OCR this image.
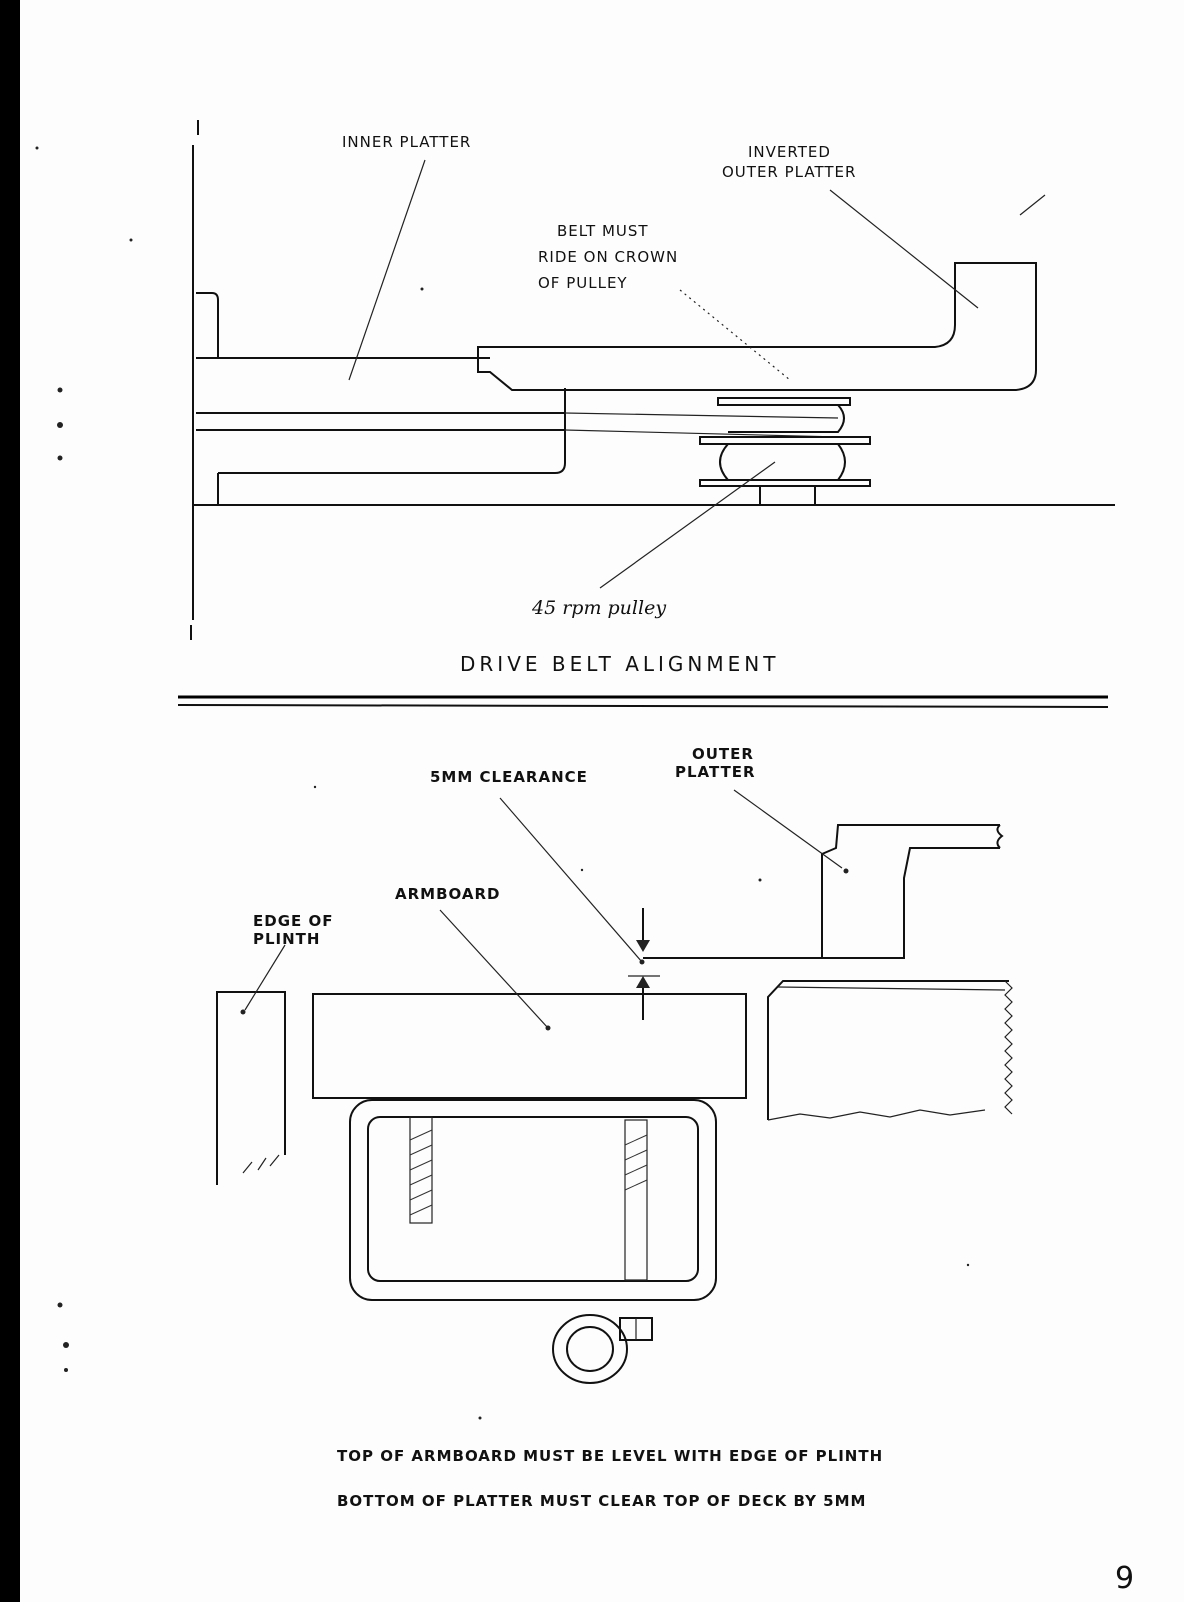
INNER PLATTER
INVERTED
OUTER PLATTER
BELT MUST
RIDE ON CROWN
OF PULLEY
45 rpm pulley
DRIVE BELT ALIGNMENT
5MM CLEARANCE
OUTER
PLATTER
ARMBOARD
EDGE OF
PLINTH
TOP OF ARMBOARD MUST BE LEVEL WITH EDGE OF PLINTH
BOTTOM OF PLATTER MUST CLEAR TOP OF DECK BY 5MM
9
